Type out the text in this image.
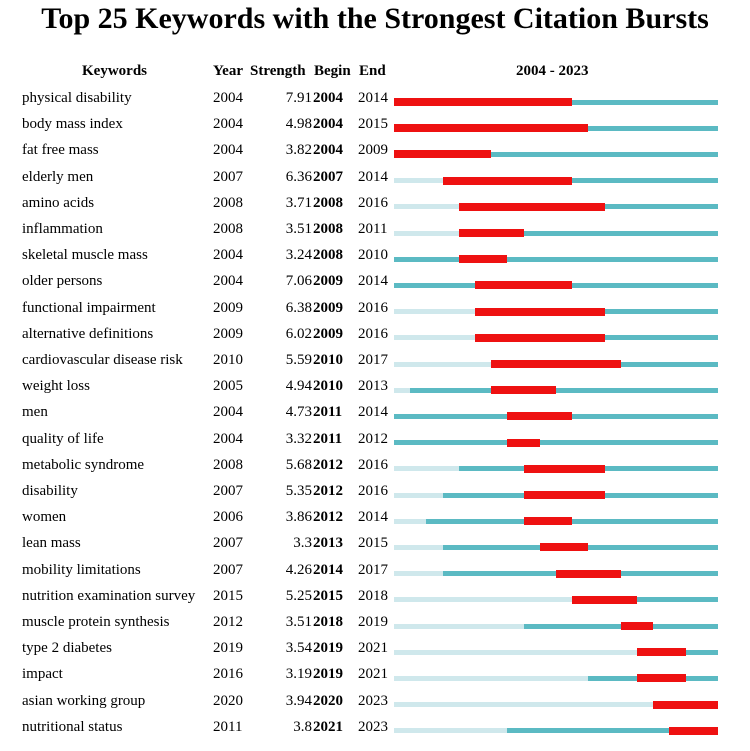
Top 25 Keywords with the Strongest Citation Bursts
Keywords	Year Strength Begin End	2004 - 2023
physical disability	2004	7.91 2004 2014
body mass index	2004	4.98 2004 2015
fat free mass	2004	3.82 2004 2009
elderly men	2007	6.36 2007 2014
amino acids	2008	3.71 2008 2016
inflammation	2008	3.51 2008 2011
skeletal muscle mass	2004	3.24 2008 2010
older persons	2004	7.06 2009 2014
functional impairment	2009	6.38 2009 2016
alternative definitions	2009	6.02 2009 2016
cardiovascular disease risk 2010	5.59 2010 2017
weight loss	2005	4.94 2010 2013
men	2004	4.73 2011 2014
quality of life	2004	3.32 2011 2012
metabolic syndrome	2008	5.68 2012 2016
disability	2007	5.35 2012 2016
women	2006	3.86 2012 2014
lean mass	2007	3.3 2013 2015
mobility limitations	2007	4.26 2014 2017
nutrition examination survey 2015	5.25 2015 2018
muscle protein synthesis	2012	3.51 2018 2019
type 2 diabetes	2019	3.54 2019 2021
impact	2016	3.19 2019 2021
asian working group	2020	3.94 2020 2023
nutritional status	2011	3.8 2021 2023
